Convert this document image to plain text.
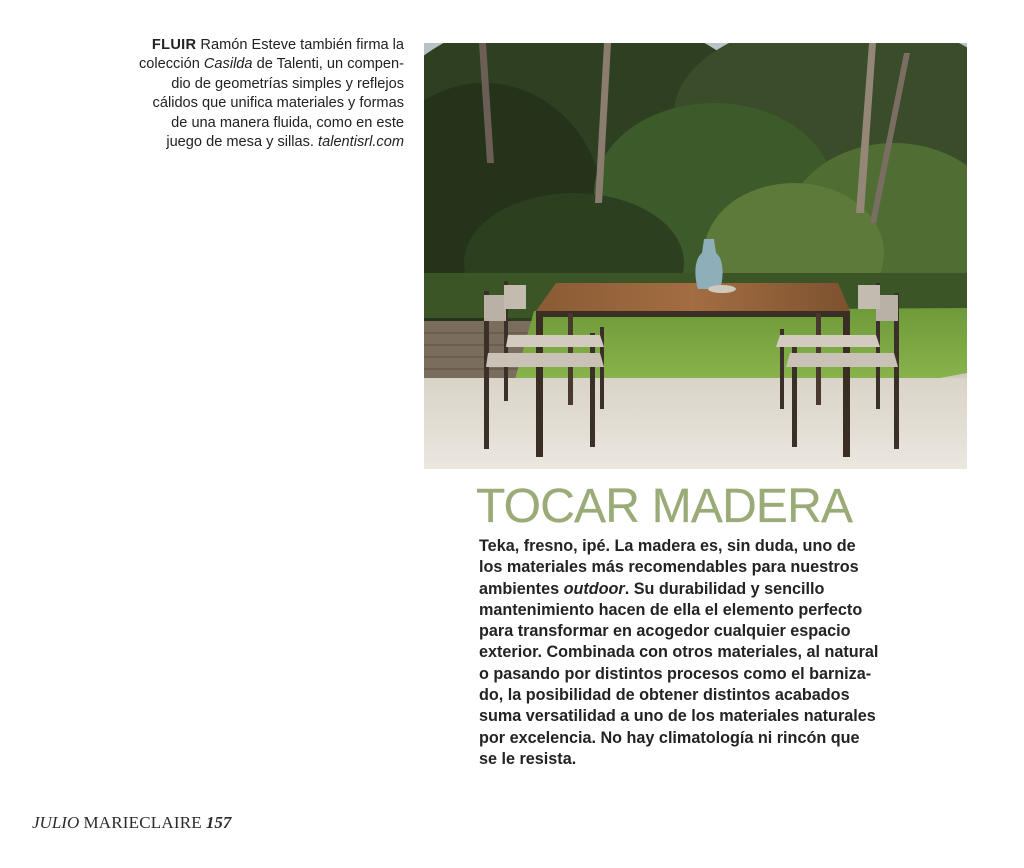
FLUIR Ramón Esteve también firma la
colección Casilda de Talenti, un compen-
dio de geometrías simples y reflejos
cálidos que unifica materiales y formas
de una manera fluida, como en este
juego de mesa y sillas. talentisrl.com
TOCAR MADERA

Teka, fresno, ipé. La madera es, sin duda, uno de

los materiales más recomendables para nuestros

ambientes outdoor. Su durabilidad y sencillo

mantenimiento hacen de ella el elemento perfecto

para transformar en acogedor cualquier espacio

exterior. Combinada con otros materiales, al natural

o pasando por distintos procesos como el barniza-

do, la posibilidad de obtener distintos acabados

suma versatilidad a uno de los materiales naturales

por excelencia. No hay climatología ni rincón que

se le resista.

JULIO MARIECLAIRE 157
